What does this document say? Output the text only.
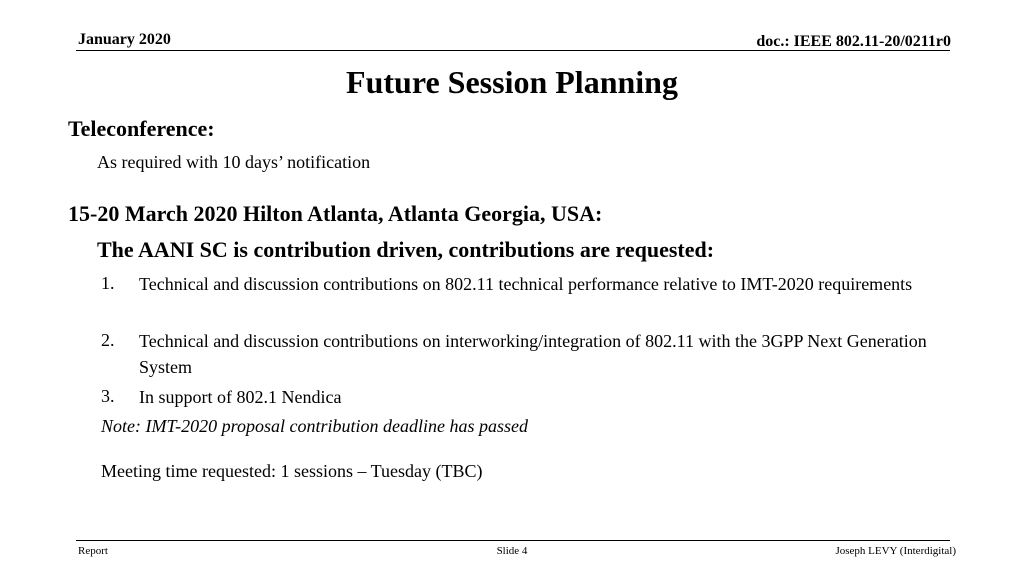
January 2020	doc.: IEEE 802.11-20/0211r0
Future Session Planning
Teleconference:
As required with 10 days’ notification
15-20 March 2020 Hilton Atlanta, Atlanta Georgia, USA:
The AANI SC is contribution driven, contributions are requested:
1. Technical and discussion contributions on 802.11 technical performance relative to IMT-2020 requirements
2. Technical and discussion contributions on interworking/integration of 802.11 with the 3GPP Next Generation System
3. In support of 802.1 Nendica
Note: IMT-2020 proposal contribution deadline has passed
Meeting time requested: 1 sessions – Tuesday (TBC)
Report	Slide 4	Joseph LEVY (Interdigital)
